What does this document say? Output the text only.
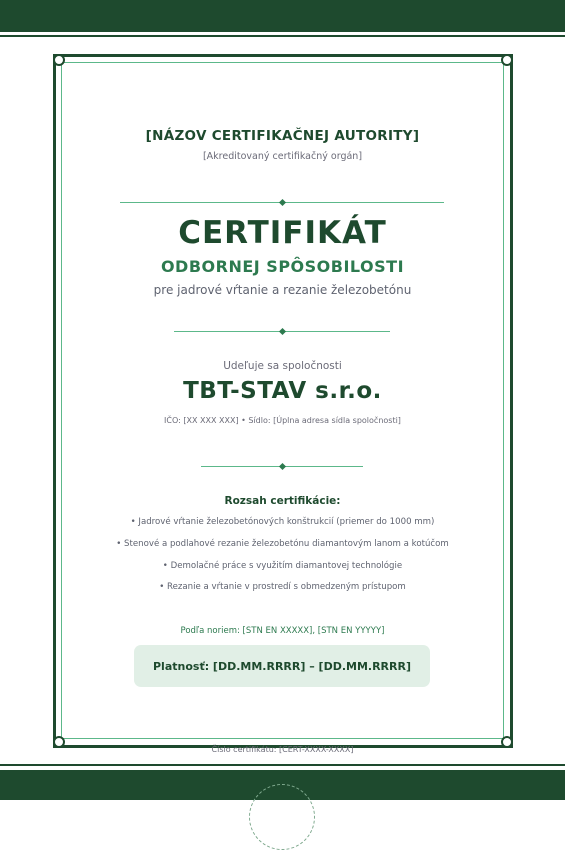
[NÁZOV CERTIFIKAČNEJ AUTORITY]
[Akreditovaný certifikačný orgán]
CERTIFIKÁT
ODBORNEJ SPÔSOBILOSTI
pre jadrové vŕtanie a rezanie železobetónu
Udeľuje sa spoločnosti
TBT-STAV s.r.o.
IČO: [XX XXX XXX] • Sídlo: [Úplna adresa sídla spoločnosti]
Rozsah certifikácie:
• Jadrové vŕtanie železobetónových konštrukcií (priemer do 1000 mm)
• Stenové a podlahové rezanie železobetónu diamantovým lanom a kotúčom
• Demolačné práce s využitím diamantovej technológie
• Rezanie a vŕtanie v prostredí s obmedzeným prístupom
Podľa noriem: [STN EN XXXXX], [STN EN YYYYY]
Platnosť: [DD.MM.RRRR] – [DD.MM.RRRR]
Číslo certifikátu: [CERT-XXXX-XXXX]
